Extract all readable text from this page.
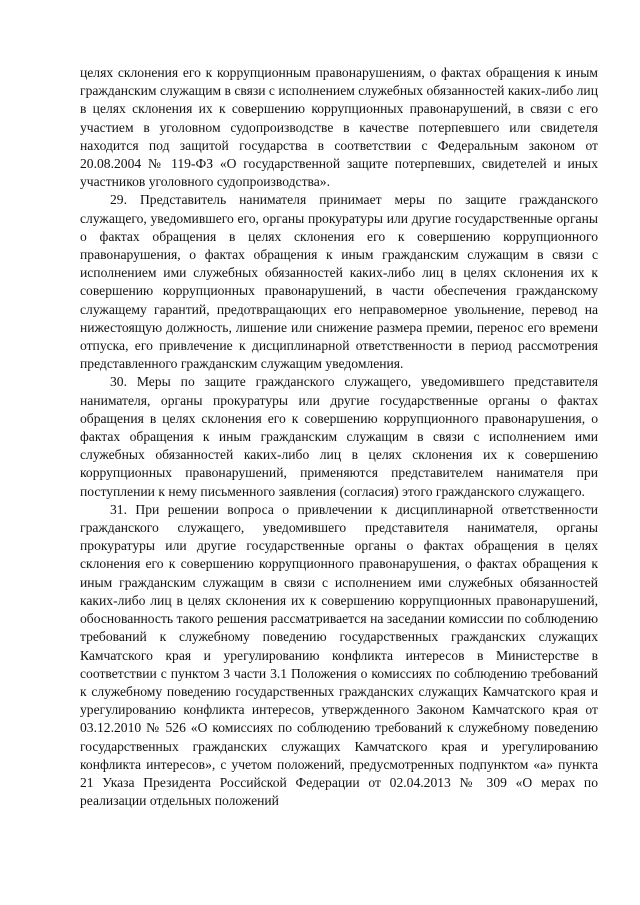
целях склонения его к коррупционным правонарушениям, о фактах обращения к иным гражданским служащим в связи с исполнением служебных обязанностей каких-либо лиц в целях склонения их к совершению коррупционных правонарушений, в связи с его участием в уголовном судопроизводстве в качестве потерпевшего или свидетеля находится под защитой государства в соответствии с Федеральным законом от 20.08.2004 № 119-ФЗ «О государственной защите потерпевших, свидетелей и иных участников уголовного судопроизводства».

29. Представитель нанимателя принимает меры по защите гражданского служащего, уведомившего его, органы прокуратуры или другие государственные органы о фактах обращения в целях склонения его к совершению коррупционного правонарушения, о фактах обращения к иным гражданским служащим в связи с исполнением ими служебных обязанностей каких-либо лиц в целях склонения их к совершению коррупционных правонарушений, в части обеспечения гражданскому служащему гарантий, предотвращающих его неправомерное увольнение, перевод на нижестоящую должность, лишение или снижение размера премии, перенос его времени отпуска, его привлечение к дисциплинарной ответственности в период рассмотрения представленного гражданским служащим уведомления.

30. Меры по защите гражданского служащего, уведомившего представителя нанимателя, органы прокуратуры или другие государственные органы о фактах обращения в целях склонения его к совершению коррупционного правонарушения, о фактах обращения к иным гражданским служащим в связи с исполнением ими служебных обязанностей каких-либо лиц в целях склонения их к совершению коррупционных правонарушений, применяются представителем нанимателя при поступлении к нему письменного заявления (согласия) этого гражданского служащего.

31. При решении вопроса о привлечении к дисциплинарной ответственности гражданского служащего, уведомившего представителя нанимателя, органы прокуратуры или другие государственные органы о фактах обращения в целях склонения его к совершению коррупционного правонарушения, о фактах обращения к иным гражданским служащим в связи с исполнением ими служебных обязанностей каких-либо лиц в целях склонения их к совершению коррупционных правонарушений, обоснованность такого решения рассматривается на заседании комиссии по соблюдению требований к служебному поведению государственных гражданских служащих Камчатского края и урегулированию конфликта интересов в Министерстве в соответствии с пунктом 3 части 3.1 Положения о комиссиях по соблюдению требований к служебному поведению государственных гражданских служащих Камчатского края и урегулированию конфликта интересов, утвержденного Законом Камчатского края от 03.12.2010 № 526 «О комиссиях по соблюдению требований к служебному поведению государственных гражданских служащих Камчатского края и урегулированию конфликта интересов», с учетом положений, предусмотренных подпунктом «а» пункта 21 Указа Президента Российской Федерации от 02.04.2013 № 309 «О мерах по реализации отдельных положений
